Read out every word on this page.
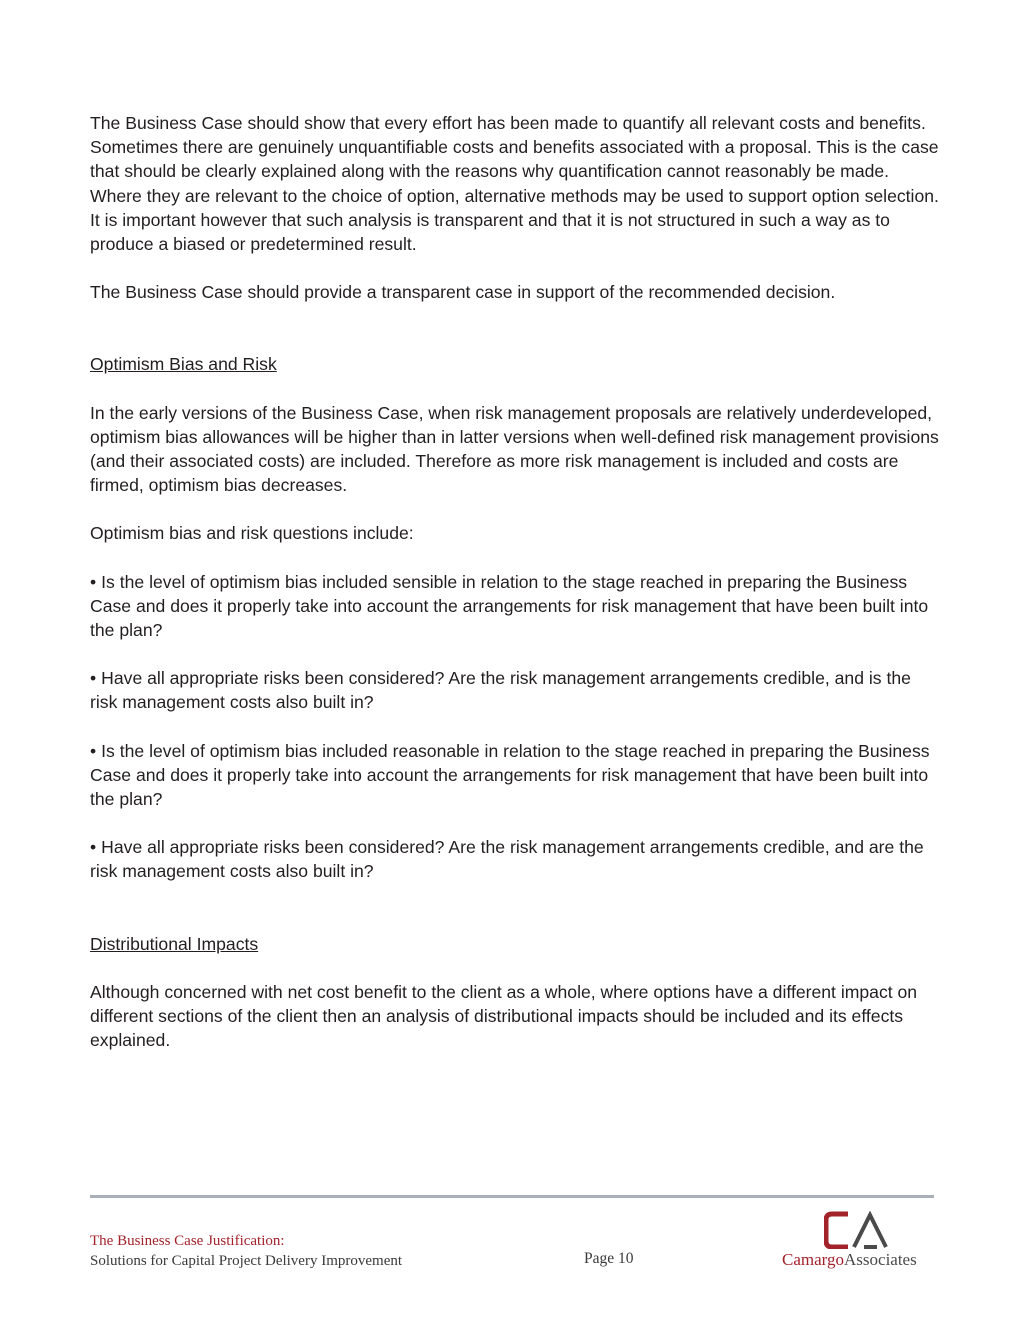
The Business Case should show that every effort has been made to quantify all relevant costs and benefits. Sometimes there are genuinely unquantifiable costs and benefits associated with a proposal. This is the case that should be clearly explained along with the reasons why quantification cannot reasonably be made. Where they are relevant to the choice of option, alternative methods may be used to support option selection. It is important however that such analysis is transparent and that it is not structured in such a way as to produce a biased or predetermined result.

The Business Case should provide a transparent case in support of the recommended decision.

Optimism Bias and Risk

In the early versions of the Business Case, when risk management proposals are relatively underdeveloped, optimism bias allowances will be higher than in latter versions when well-defined risk management provisions (and their associated costs) are included. Therefore as more risk management is included and costs are firmed, optimism bias decreases.

Optimism bias and risk questions include:

• Is the level of optimism bias included sensible in relation to the stage reached in preparing the Business Case and does it properly take into account the arrangements for risk management that have been built into the plan?

• Have all appropriate risks been considered? Are the risk management arrangements credible, and is the risk management costs also built in?

• Is the level of optimism bias included reasonable in relation to the stage reached in preparing the Business Case and does it properly take into account the arrangements for risk management that have been built into the plan?

• Have all appropriate risks been considered? Are the risk management arrangements credible, and are the risk management costs also built in?

Distributional Impacts

Although concerned with net cost benefit to the client as a whole, where options have a different impact on different sections of the client then an analysis of distributional impacts should be included and its effects explained.

The Business Case Justification:
Solutions for Capital Project Delivery Improvement	Page 10	CamargoAssociates
